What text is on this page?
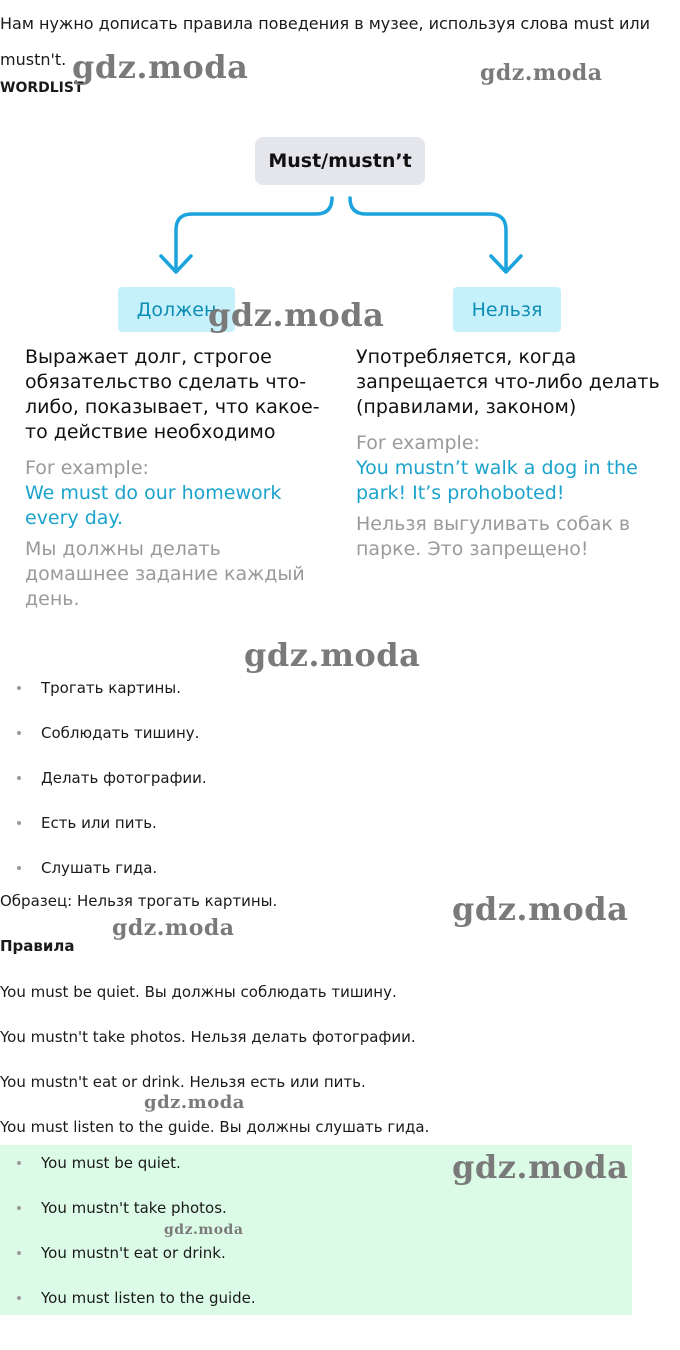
Нам нужно дописать правила поведения в музее, используя слова must или mustn't.

WORDLIST

gdz.moda	gdz.moda
Must/mustn’t
Должен	Нельзя
gdz.moda

Выражает долг, строгое обязательство сделать что-либо, показывает, что какое-то действие необходимо

For example:

We must do our homework every day.

Мы должны делать домашнее задание каждый день.

Употребляется, когда запрещается что-либо делать (правилами, законом)

For example:

You mustn’t walk a dog in the park! It’s prohoboted!

Нельзя выгуливать собак в парке. Это запрещено!

gdz.moda
Трогать картины.
Соблюдать тишину.
Делать фотографии.
Есть или пить.
Слушать гида.

Образец: Нельзя трогать картины.	gdz.moda
gdz.moda

Правила

You must be quiet. Вы должны соблюдать тишину.

You mustn't take photos. Нельзя делать фотографии.

You mustn't eat or drink. Нельзя есть или пить.

gdz.moda

You must listen to the guide. Вы должны слушать гида.

You must be quiet.
You mustn't take photos.
You mustn't eat or drink.
You must listen to the guide.
gdz.moda
gdz.moda
